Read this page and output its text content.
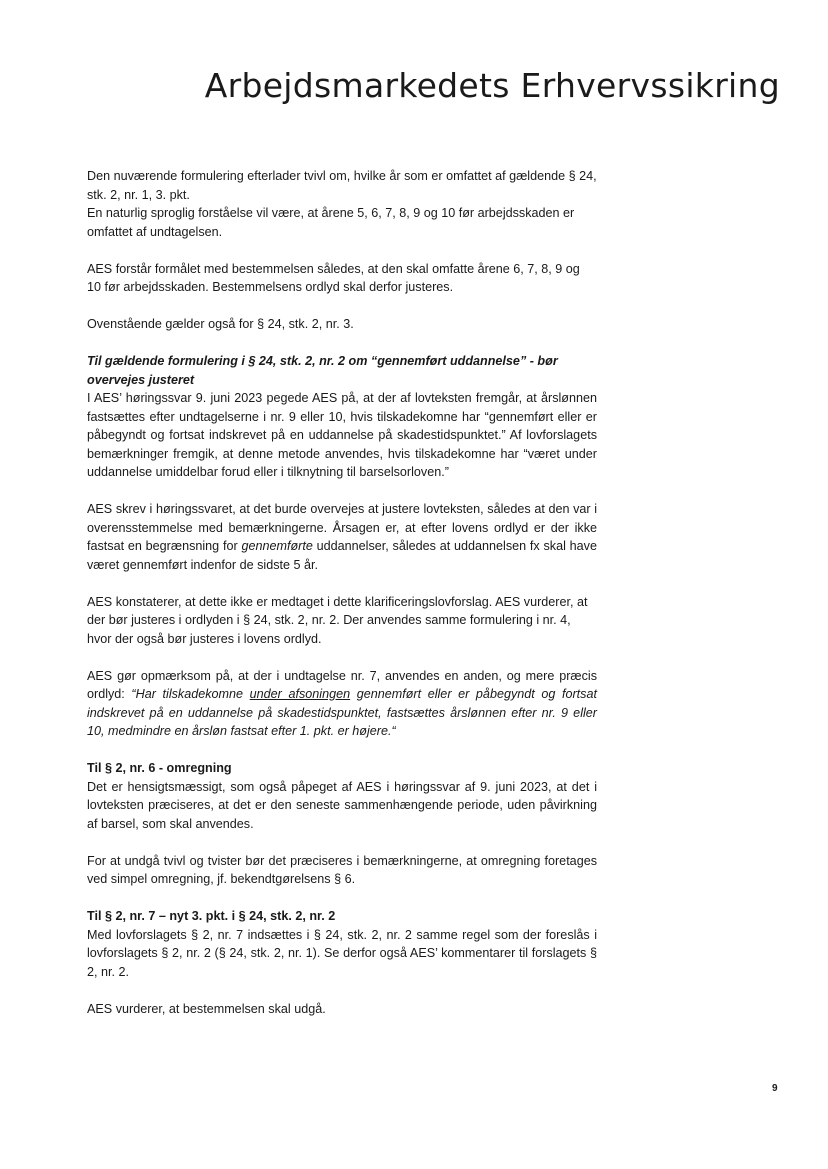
Arbejdsmarkedets Erhvervssikring

Den nuværende formulering efterlader tvivl om, hvilke år som er omfattet af gældende § 24, stk. 2, nr. 1, 3. pkt.
En naturlig sproglig forståelse vil være, at årene 5, 6, 7, 8, 9 og 10 før arbejdsskaden er omfattet af undtagelsen.

AES forstår formålet med bestemmelsen således, at den skal omfatte årene 6, 7, 8, 9 og 10 før arbejdsskaden. Bestemmelsens ordlyd skal derfor justeres.

Ovenstående gælder også for § 24, stk. 2, nr. 3.

Til gældende formulering i § 24, stk. 2, nr. 2 om “gennemført uddannelse” - bør overvejes justeret
I AES’ høringssvar 9. juni 2023 pegede AES på, at der af lovteksten fremgår, at årslønnen fastsættes efter undtagelserne i nr. 9 eller 10, hvis tilskadekomne har “gennemført eller er påbegyndt og fortsat indskrevet på en uddannelse på skadestidspunktet.” Af lovforslagets bemærkninger fremgik, at denne metode anvendes, hvis tilskadekomne har “været under uddannelse umiddelbar forud eller i tilknytning til barselsorloven.”

AES skrev i høringssvaret, at det burde overvejes at justere lovteksten, således at den var i overensstemmelse med bemærkningerne. Årsagen er, at efter lovens ordlyd er der ikke fastsat en begrænsning for gennemførte uddannelser, således at uddannelsen fx skal have været gennemført indenfor de sidste 5 år.

AES konstaterer, at dette ikke er medtaget i dette klarificeringslovforslag. AES vurderer, at der bør justeres i ordlyden i § 24, stk. 2, nr. 2. Der anvendes samme formulering i nr. 4, hvor der også bør justeres i lovens ordlyd.

AES gør opmærksom på, at der i undtagelse nr. 7, anvendes en anden, og mere præcis ordlyd: “Har tilskadekomne under afsoningen gennemført eller er påbegyndt og fortsat indskrevet på en uddannelse på skadestidspunktet, fastsættes årslønnen efter nr. 9 eller 10, medmindre en årsløn fastsat efter 1. pkt. er højere.“

Til § 2, nr. 6 - omregning
Det er hensigtsmæssigt, som også påpeget af AES i høringssvar af 9. juni 2023, at det i lovteksten præciseres, at det er den seneste sammenhængende periode, uden påvirkning af barsel, som skal anvendes.

For at undgå tvivl og tvister bør det præciseres i bemærkningerne, at omregning foretages ved simpel omregning, jf. bekendtgørelsens § 6.

Til § 2, nr. 7 – nyt 3. pkt. i § 24, stk. 2, nr. 2
Med lovforslagets § 2, nr. 7 indsættes i § 24, stk. 2, nr. 2 samme regel som der foreslås i lovforslagets § 2, nr. 2 (§ 24, stk. 2, nr. 1). Se derfor også AES’ kommentarer til forslagets § 2, nr. 2.

AES vurderer, at bestemmelsen skal udgå.

9
